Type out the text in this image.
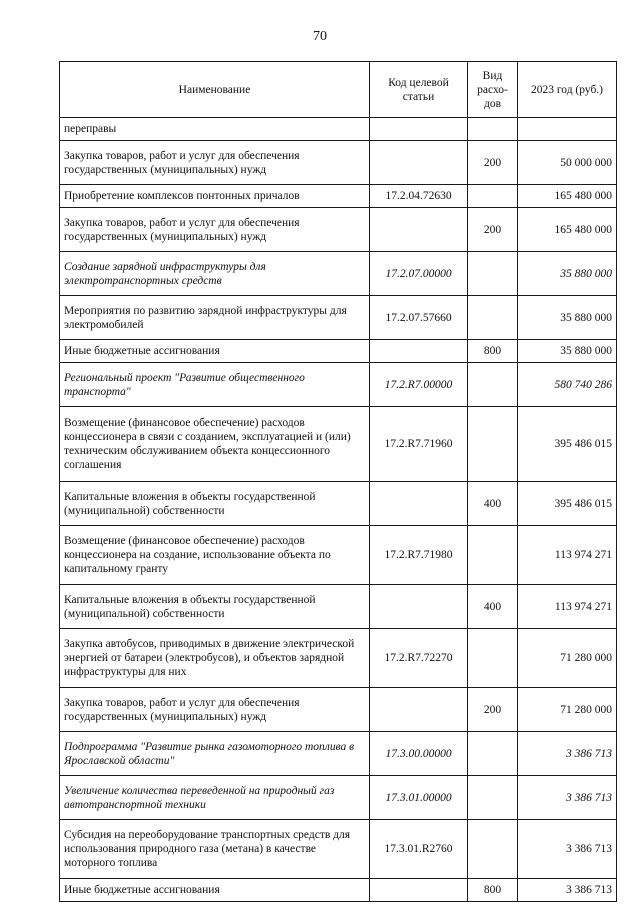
70
Наименование	Код целевой статьи	Вид расхо-дов	2023 год (руб.)
переправы			
Закупка товаров, работ и услуг для обеспечения государственных (муниципальных) нужд		200	50 000 000
Приобретение комплексов понтонных причалов	17.2.04.72630		165 480 000
Закупка товаров, работ и услуг для обеспечения государственных (муниципальных) нужд		200	165 480 000
Создание зарядной инфраструктуры для электротранспортных средств	17.2.07.00000		35 880 000
Мероприятия по развитию зарядной инфраструктуры для электромобилей	17.2.07.57660		35 880 000
Иные бюджетные ассигнования		800	35 880 000
Региональный проект "Развитие общественного транспорта"	17.2.R7.00000		580 740 286
Возмещение (финансовое обеспечение) расходов концессионера в связи с созданием, эксплуатацией и (или) техническим обслуживанием объекта концессионного соглашения	17.2.R7.71960		395 486 015
Капитальные вложения в объекты государственной (муниципальной) собственности		400	395 486 015
Возмещение (финансовое обеспечение) расходов концессионера на создание, использование объекта по капитальному гранту	17.2.R7.71980		113 974 271
Капитальные вложения в объекты государственной (муниципальной) собственности		400	113 974 271
Закупка автобусов, приводимых в движение электрической энергией от батареи (электробусов), и объектов зарядной инфраструктуры для них	17.2.R7.72270		71 280 000
Закупка товаров, работ и услуг для обеспечения государственных (муниципальных) нужд		200	71 280 000
Подпрограмма "Развитие рынка газомоторного топлива в Ярославской области"	17.3.00.00000		3 386 713
Увеличение количества переведенной на природный газ автотранспортной техники	17.3.01.00000		3 386 713
Субсидия на переоборудование транспортных средств для использования природного газа (метана) в качестве моторного топлива	17.3.01.R2760		3 386 713
Иные бюджетные ассигнования		800	3 386 713
